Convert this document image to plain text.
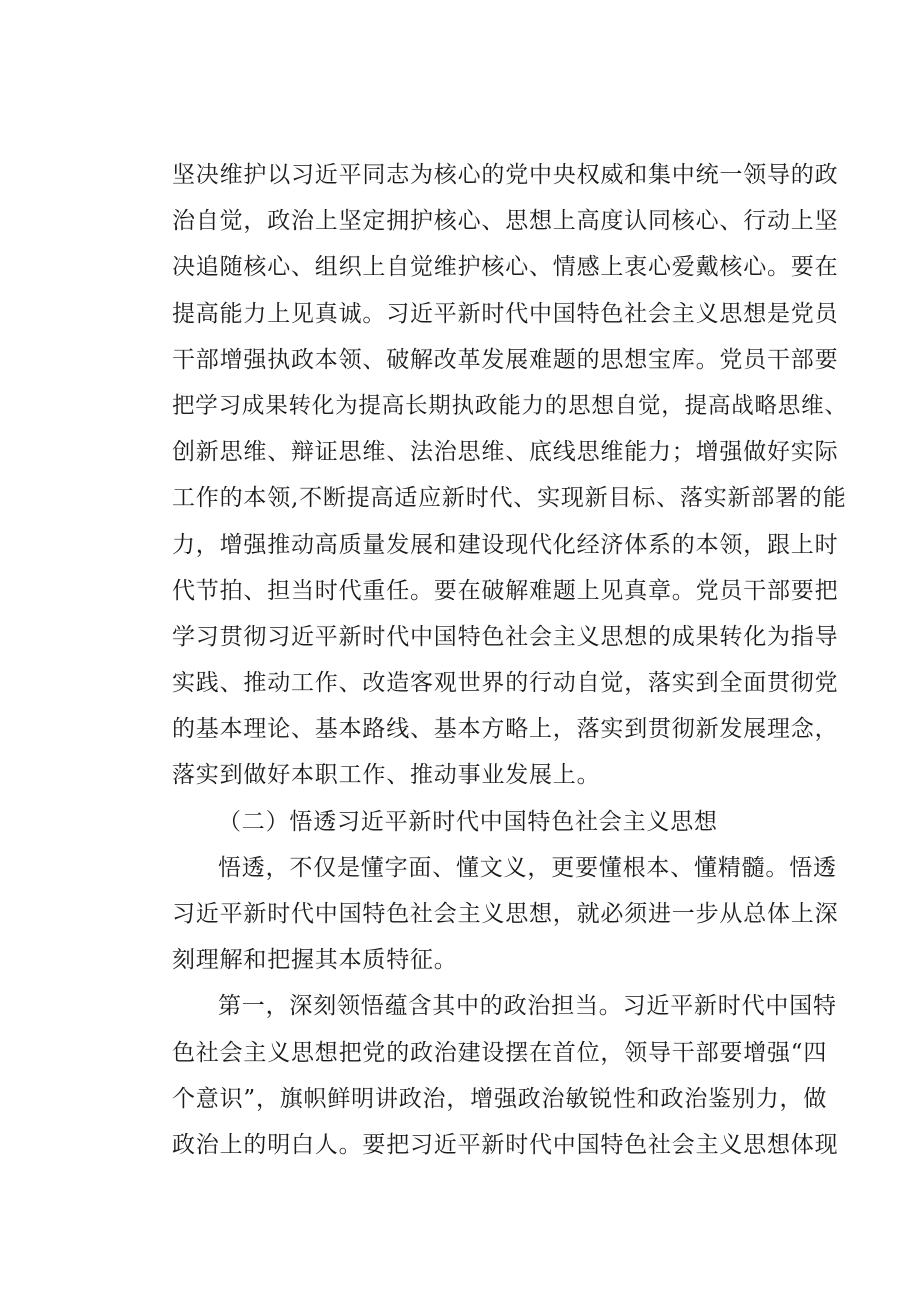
坚决维护以习近平同志为核心的党中央权威和集中统一领导的政
治自觉，政治上坚定拥护核心、思想上高度认同核心、行动上坚
决追随核心、组织上自觉维护核心、情感上衷心爱戴核心。要在
提高能力上见真诚。习近平新时代中国特色社会主义思想是党员
干部增强执政本领、破解改革发展难题的思想宝库。党员干部要
把学习成果转化为提高长期执政能力的思想自觉，提高战略思维、
创新思维、辩证思维、法治思维、底线思维能力；增强做好实际
工作的本领,不断提高适应新时代、实现新目标、落实新部署的能
力，增强推动高质量发展和建设现代化经济体系的本领，跟上时
代节拍、担当时代重任。要在破解难题上见真章。党员干部要把
学习贯彻习近平新时代中国特色社会主义思想的成果转化为指导
实践、推动工作、改造客观世界的行动自觉，落实到全面贯彻党
的基本理论、基本路线、基本方略上，落实到贯彻新发展理念，
落实到做好本职工作、推动事业发展上。
（二）悟透习近平新时代中国特色社会主义思想
悟透，不仅是懂字面、懂文义，更要懂根本、懂精髓。悟透
习近平新时代中国特色社会主义思想，就必须进一步从总体上深
刻理解和把握其本质特征。
第一，深刻领悟蕴含其中的政治担当。习近平新时代中国特
色社会主义思想把党的政治建设摆在首位，领导干部要增强“四
个意识”，旗帜鲜明讲政治，增强政治敏锐性和政治鉴别力，做
政治上的明白人。要把习近平新时代中国特色社会主义思想体现
